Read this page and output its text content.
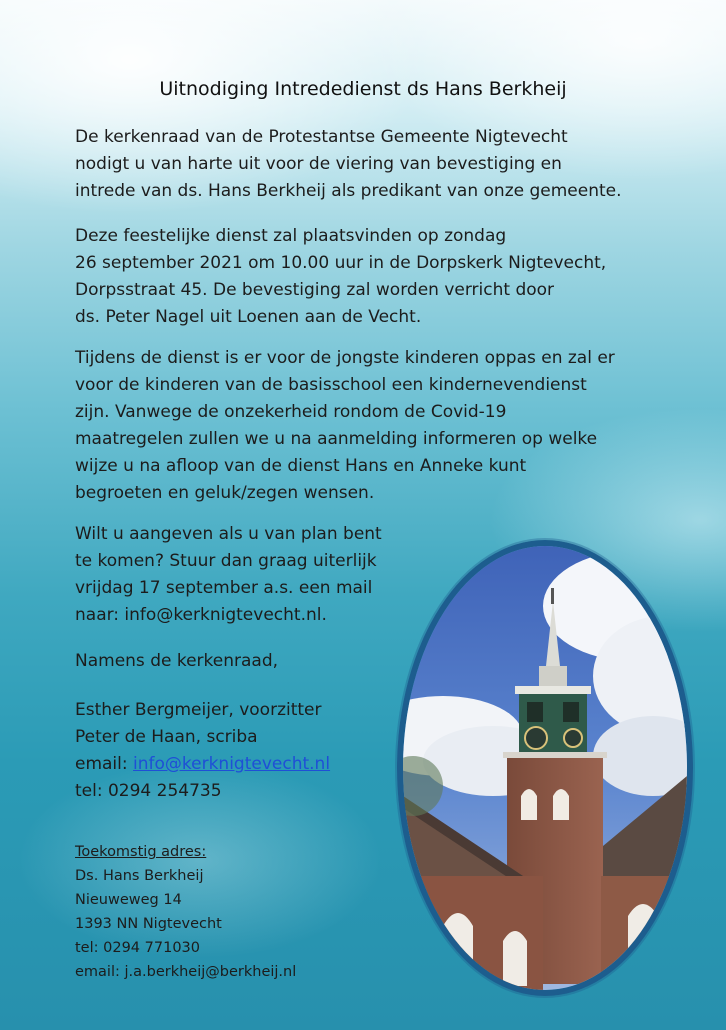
Uitnodiging Intrededienst ds Hans Berkheij
De kerkenraad van de Protestantse Gemeente Nigtevecht
nodigt u van harte uit voor de viering van bevestiging en
intrede van ds. Hans Berkheij als predikant van onze gemeente.
Deze feestelijke dienst zal plaatsvinden op zondag
26 september 2021 om 10.00 uur in de Dorpskerk Nigtevecht,
Dorpsstraat 45. De bevestiging zal worden verricht door
ds. Peter Nagel uit Loenen aan de Vecht.
Tijdens de dienst is er voor de jongste kinderen oppas en zal er
voor de kinderen van de basisschool een kindernevendienst
zijn. Vanwege de onzekerheid rondom de Covid-19
maatregelen zullen we u na aanmelding informeren op welke
wijze u na afloop van de dienst Hans en Anneke kunt
begroeten en geluk/zegen wensen.
Wilt u aangeven als u van plan bent
te komen? Stuur dan graag uiterlijk
vrijdag 17 september a.s. een mail
naar: info@kerknigtevecht.nl.
Namens de kerkenraad,
Esther Bergmeijer, voorzitter
Peter de Haan, scriba
email: info@kerknigtevecht.nl
tel: 0294 254735
Toekomstig adres:
Ds. Hans Berkheij
Nieuweweg 14
1393 NN Nigtevecht
tel: 0294 771030
email: j.a.berkheij@berkheij.nl
